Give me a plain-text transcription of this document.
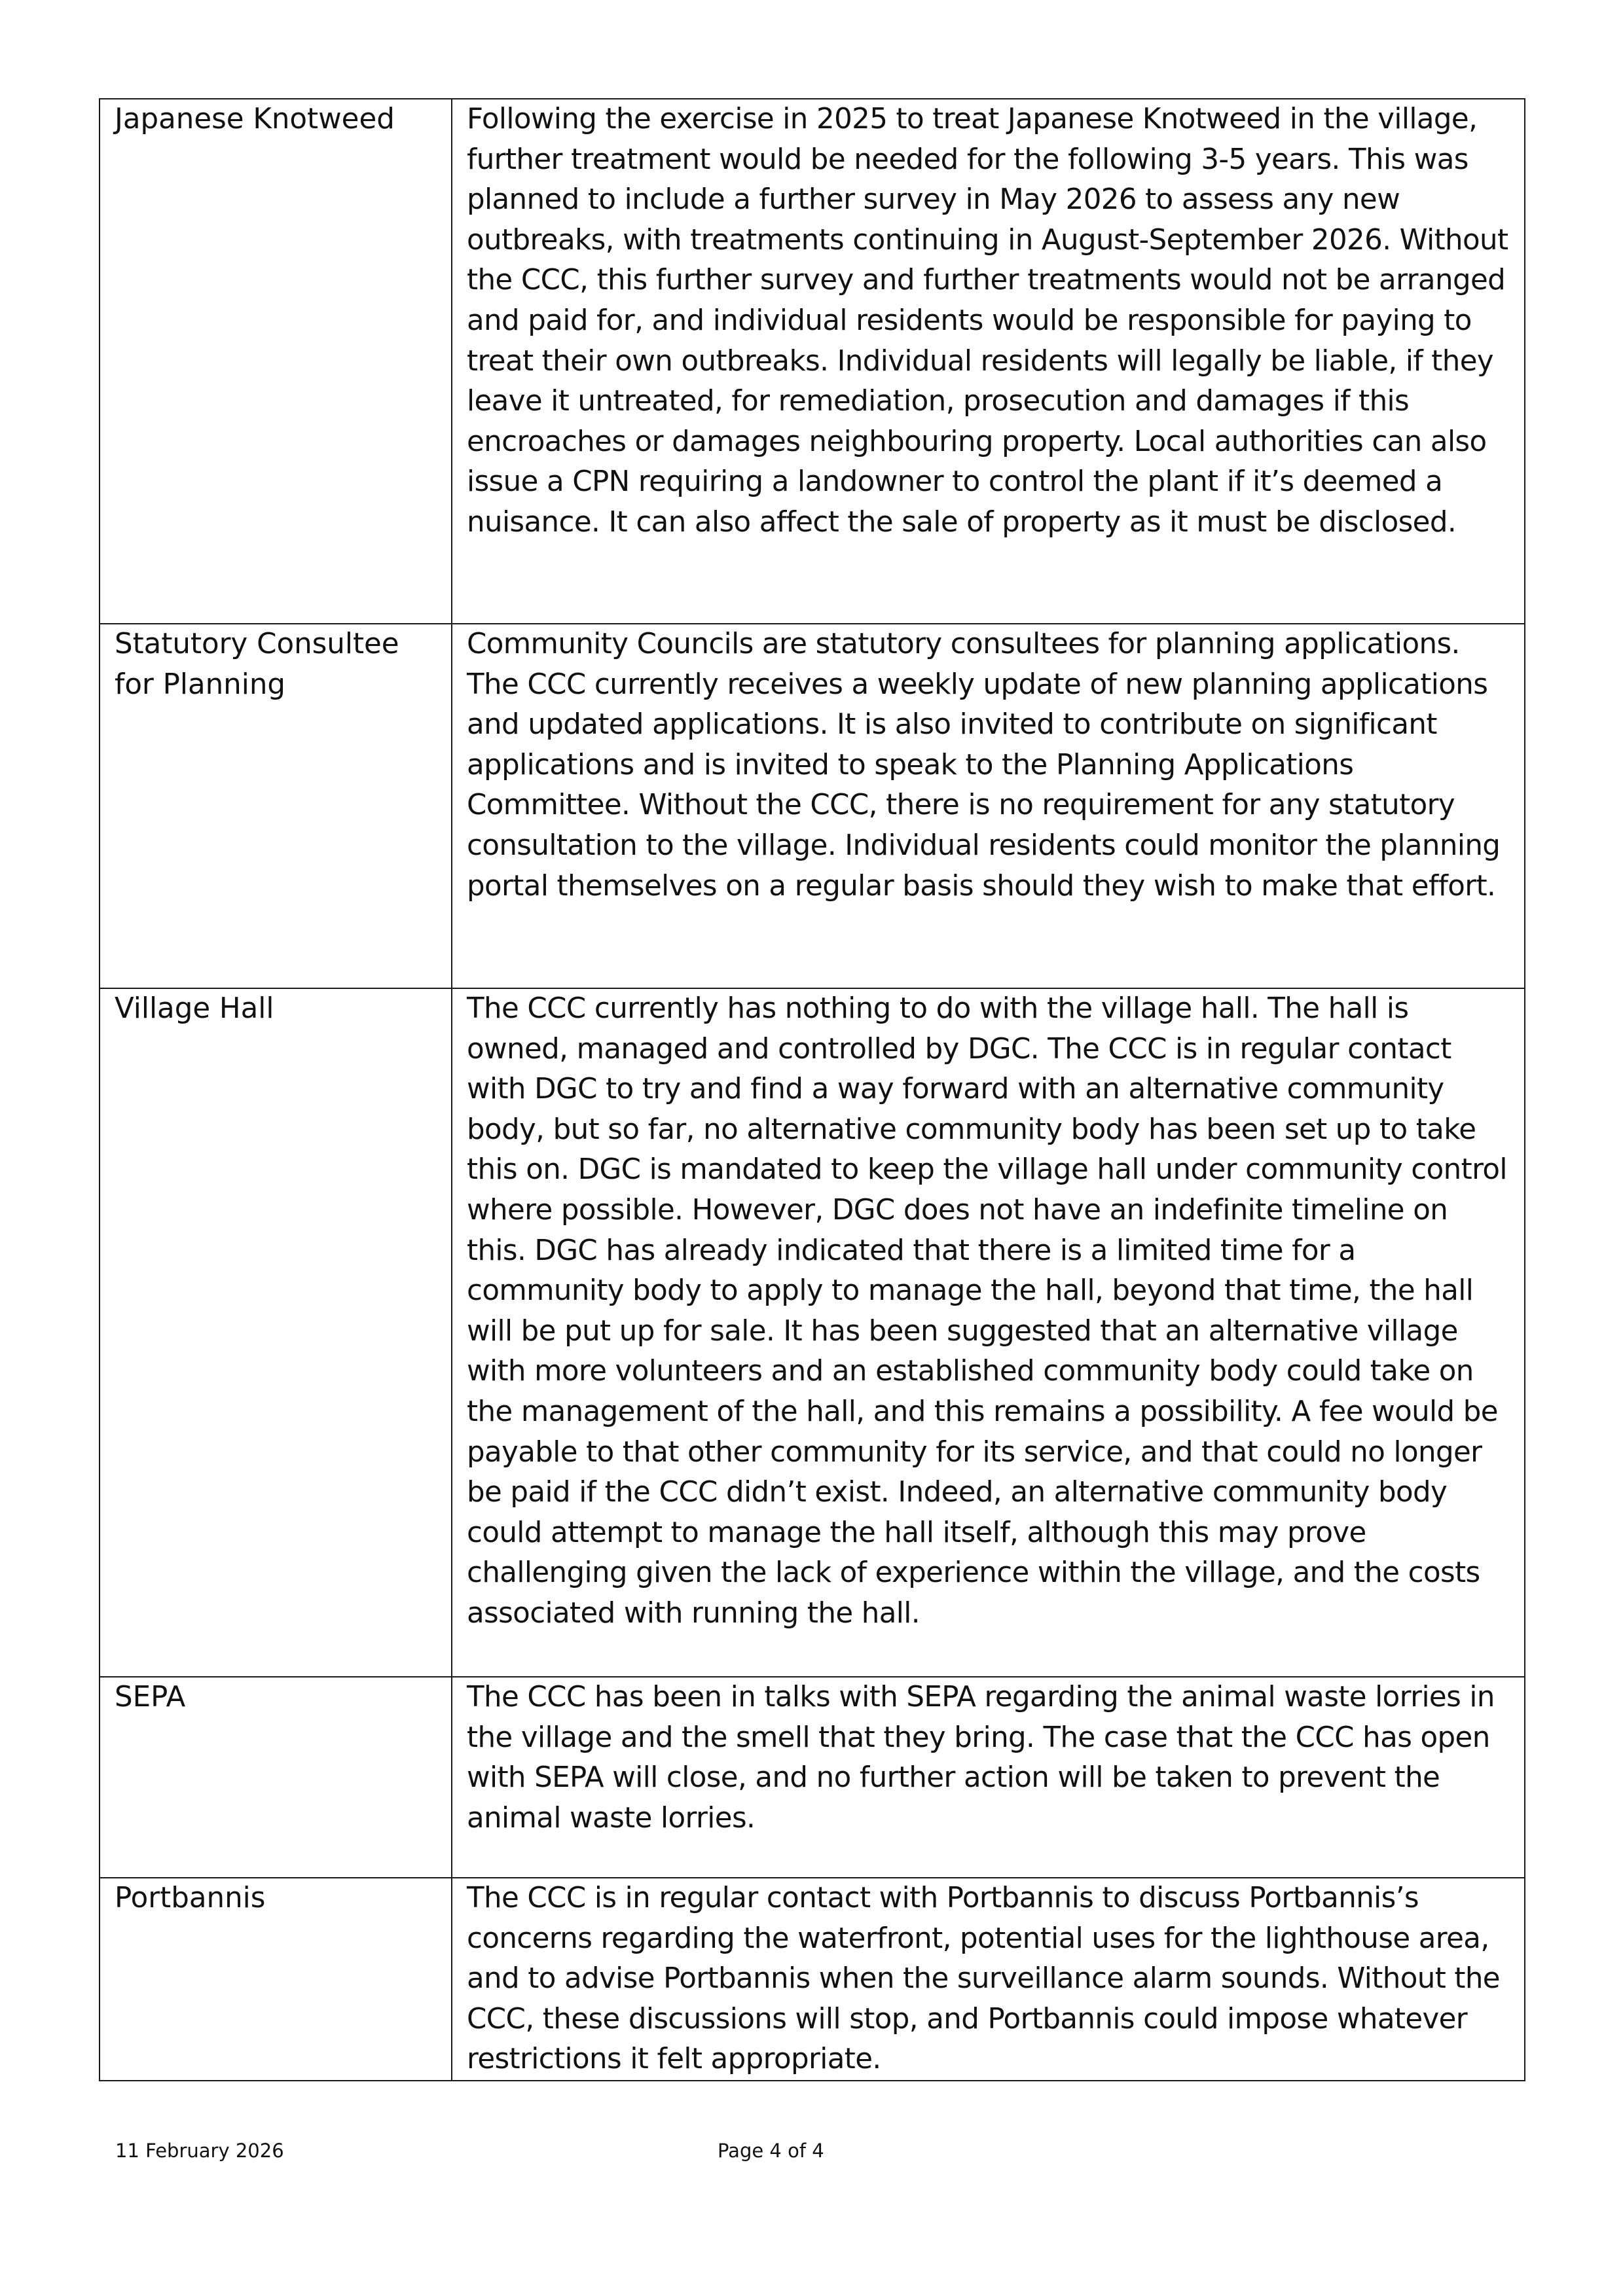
Japanese Knotweed	Following the exercise in 2025 to treat Japanese Knotweed in the village, further treatment would be needed for the following 3-5 years. This was planned to include a further survey in May 2026 to assess any new outbreaks, with treatments continuing in August-September 2026. Without the CCC, this further survey and further treatments would not be arranged and paid for, and individual residents would be responsible for paying to treat their own outbreaks. Individual residents will legally be liable, if they leave it untreated, for remediation, prosecution and damages if this encroaches or damages neighbouring property. Local authorities can also issue a CPN requiring a landowner to control the plant if it’s deemed a nuisance. It can also affect the sale of property as it must be disclosed.
Statutory Consultee for Planning	Community Councils are statutory consultees for planning applications. The CCC currently receives a weekly update of new planning applications and updated applications. It is also invited to contribute on significant applications and is invited to speak to the Planning Applications Committee. Without the CCC, there is no requirement for any statutory consultation to the village. Individual residents could monitor the planning portal themselves on a regular basis should they wish to make that effort.
Village Hall	The CCC currently has nothing to do with the village hall. The hall is owned, managed and controlled by DGC. The CCC is in regular contact with DGC to try and find a way forward with an alternative community body, but so far, no alternative community body has been set up to take this on. DGC is mandated to keep the village hall under community control where possible. However, DGC does not have an indefinite timeline on this. DGC has already indicated that there is a limited time for a community body to apply to manage the hall, beyond that time, the hall will be put up for sale. It has been suggested that an alternative village with more volunteers and an established community body could take on the management of the hall, and this remains a possibility. A fee would be payable to that other community for its service, and that could no longer be paid if the CCC didn’t exist. Indeed, an alternative community body could attempt to manage the hall itself, although this may prove challenging given the lack of experience within the village, and the costs associated with running the hall.
SEPA	The CCC has been in talks with SEPA regarding the animal waste lorries in the village and the smell that they bring. The case that the CCC has open with SEPA will close, and no further action will be taken to prevent the animal waste lorries.
Portbannis	The CCC is in regular contact with Portbannis to discuss Portbannis’s concerns regarding the waterfront, potential uses for the lighthouse area, and to advise Portbannis when the surveillance alarm sounds. Without the CCC, these discussions will stop, and Portbannis could impose whatever restrictions it felt appropriate.
11 February 2026	Page 4 of 4
